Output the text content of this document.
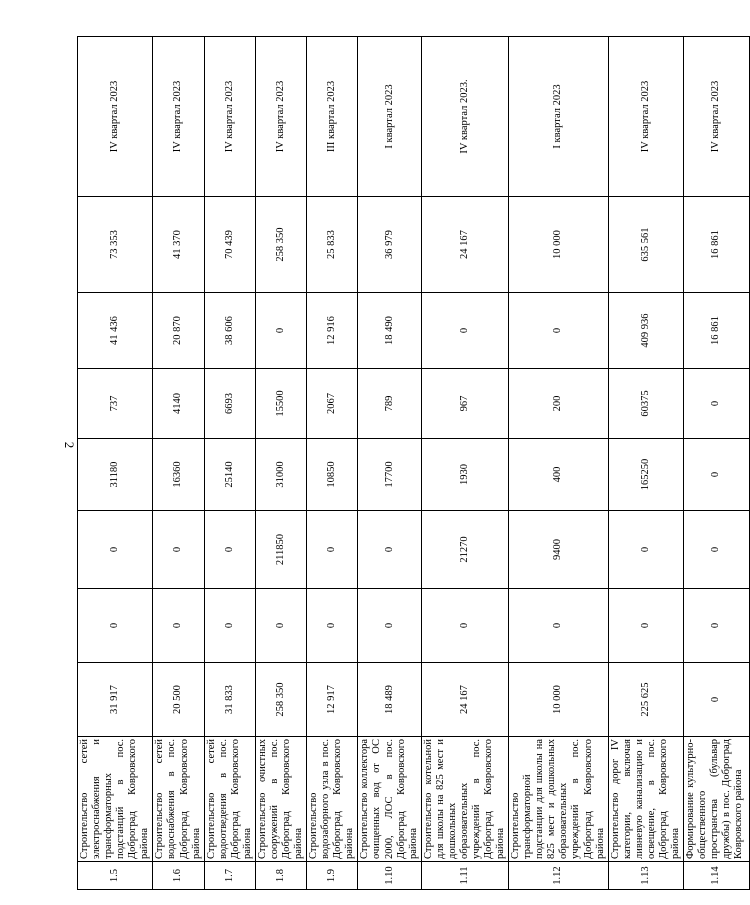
2
1.5	Строительство сетей электроснабжения и трансформаторных подстанций в пос. Доброград Ковровского района	31 917	0	0	31180	737	41 436	73 353	IV квартал 2023
1.6	Строительство сетей водоснабжения в пос. Доброград Ковровского района	20 500	0	0	16360	4140	20 870	41 370	IV квартал 2023
1.7	Строительство сетей водоотведения в пос. Доброград Ковровского района	31 833	0	0	25140	6693	38 606	70 439	IV квартал 2023
1.8	Строительство очистных сооружений в пос. Доброград Ковровского района	258 350	0	211850	31000	15500	0	258 350	IV квартал 2023
1.9	Строительство водозаборного узла в пос. Доброград Ковровского района	12 917	0	0	10850	2067	12 916	25 833	III квартал 2023
1.10	Строительство коллектора очищенных вод от ОС 2000, ЛОС в пос. Доброград Ковровского района	18 489	0	0	17700	789	18 490	36 979	I квартал 2023
1.11	Строительство котельной для школы на 825 мест и дошкольных образовательных учреждений в пос. Доброград Ковровского района	24 167	0	21270	1930	967	0	24 167	IV квартал 2023.
1.12	Строительство трансформаторной подстанции для школы на 825 мест и дошкольных образовательных учреждений в пос. Доброград Ковровского района	10 000	0	9400	400	200	0	10 000	I квартал 2023
1.13	Строительство дорог IV категории, включая ливневую канализацию и освещение, в пос. Доброград Ковровского района	225 625	0	0	165250	60375	409 936	635 561	IV квартал 2023
1.14	Формирование культурно-общественного пространства (бульвар дружбы) в пос. Доброград Ковровского района	0	0	0	0	0	16 861	16 861	IV квартал 2023
